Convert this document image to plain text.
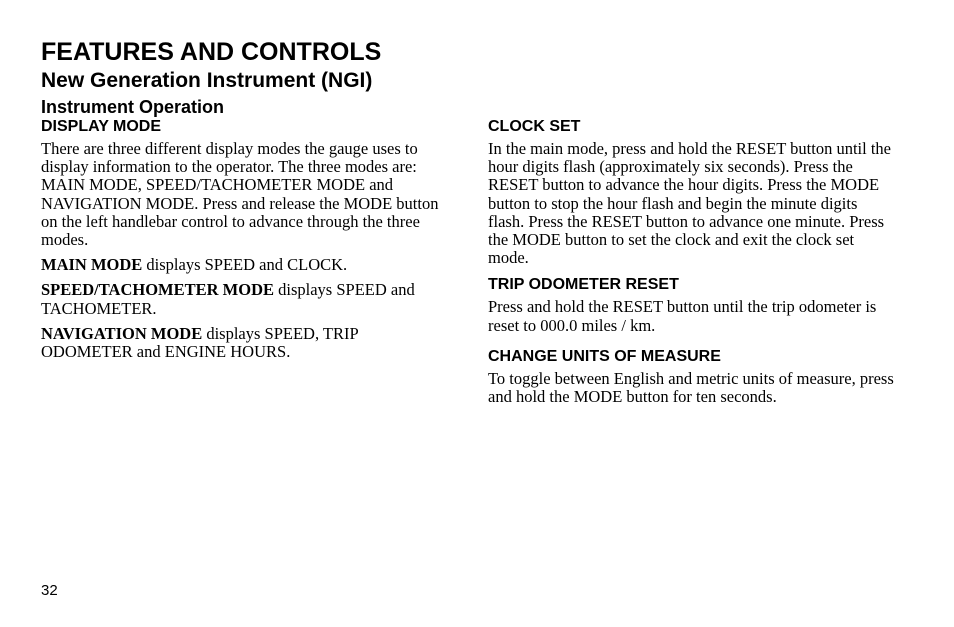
FEATURES AND CONTROLS
New Generation Instrument (NGI)
Instrument Operation
DISPLAY MODE

There are three different display modes the gauge uses to display information to the operator. The three modes are: MAIN MODE, SPEED/TACHOMETER MODE and NAVIGATION MODE. Press and release the MODE button on the left handlebar control to advance through the three modes.

MAIN MODE displays SPEED and CLOCK.

SPEED/TACHOMETER MODE displays SPEED and TACHOMETER.

NAVIGATION MODE displays SPEED, TRIP ODOMETER and ENGINE HOURS.

CLOCK SET

In the main mode, press and hold the RESET button until the hour digits flash (approximately six seconds). Press the RESET button to advance the hour digits. Press the MODE button to stop the hour flash and begin the minute digits flash. Press the RESET button to advance one minute. Press the MODE button to set the clock and exit the clock set mode.

TRIP ODOMETER RESET

Press and hold the RESET button until the trip odometer is reset to 000.0 miles / km.

CHANGE UNITS OF MEASURE

To toggle between English and metric units of measure, press and hold the MODE button for ten seconds.

32
